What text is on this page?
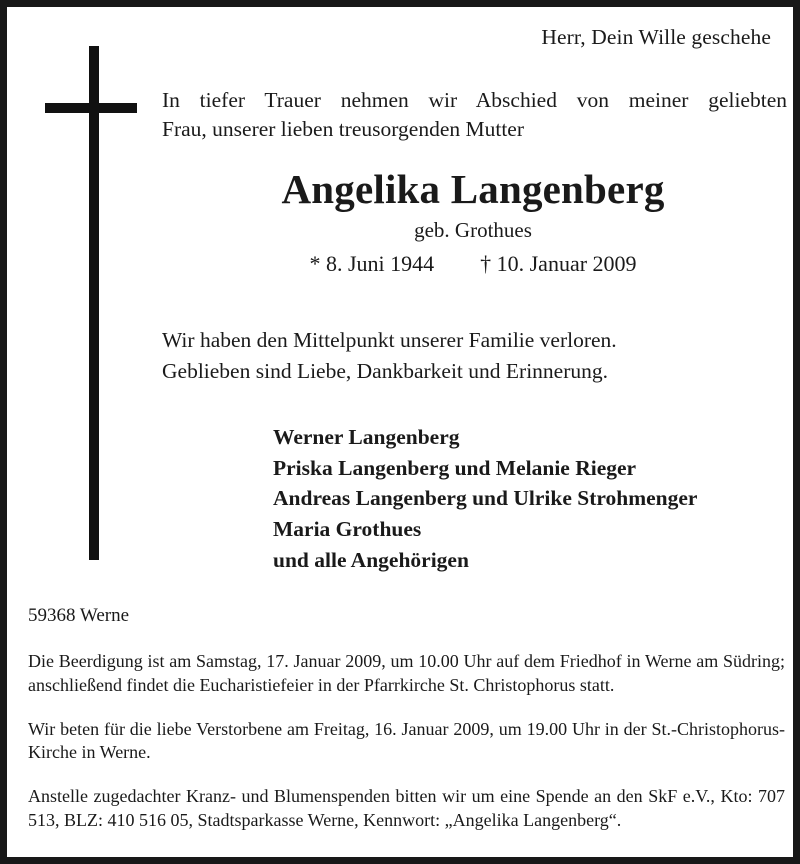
Herr, Dein Wille geschehe
In tiefer Trauer nehmen wir Abschied von meiner geliebten
Frau, unserer lieben treusorgenden Mutter
Angelika Langenberg
geb. Grothues
* 8. Juni 1944 † 10. Januar 2009
Wir haben den Mittelpunkt unserer Familie verloren.
Geblieben sind Liebe, Dankbarkeit und Erinnerung.
Werner Langenberg
Priska Langenberg und Melanie Rieger
Andreas Langenberg und Ulrike Strohmenger
Maria Grothues
und alle Angehörigen
59368 Werne

Die Beerdigung ist am Samstag, 17. Januar 2009, um 10.00 Uhr auf dem Friedhof in Werne am Südring; anschließend findet die Eucharistiefeier in der Pfarrkirche St. Christophorus statt.

Wir beten für die liebe Verstorbene am Freitag, 16. Januar 2009, um 19.00 Uhr in der St.-Christophorus-Kirche in Werne.

Anstelle zugedachter Kranz- und Blumenspenden bitten wir um eine Spende an den SkF e.V., Kto: 707 513, BLZ: 410 516 05, Stadtsparkasse Werne, Kennwort: „Angelika Langenberg“.
